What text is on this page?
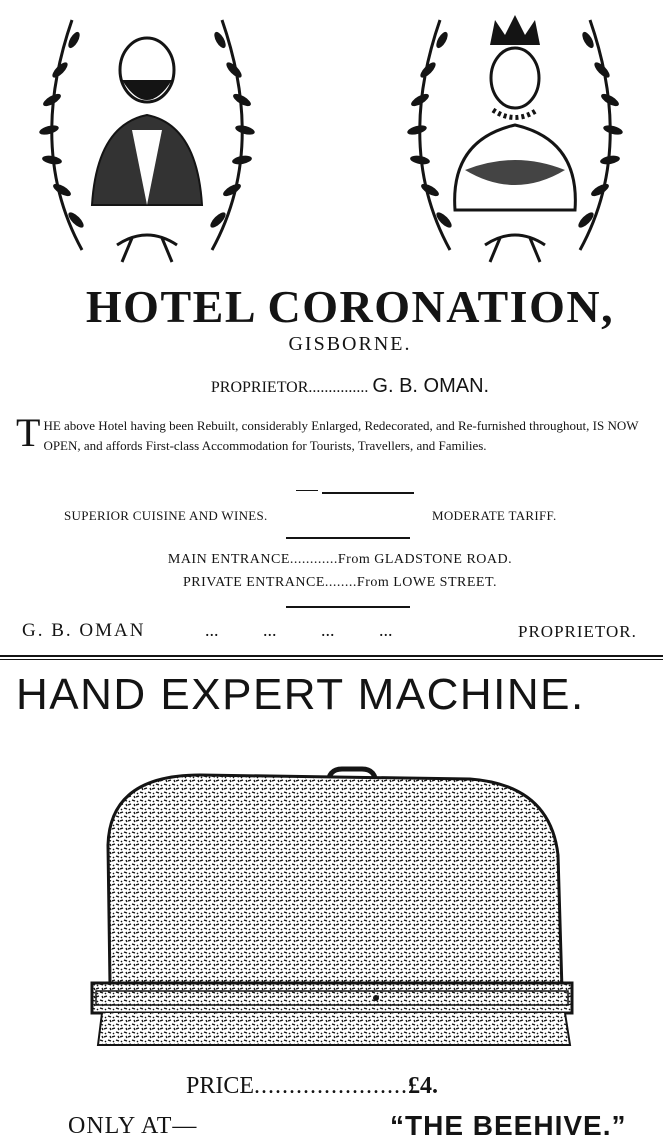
HOTEL CORONATION,
GISBORNE.
PROPRIETOR............... G. B. OMAN.
THE above Hotel having been Rebuilt, considerably Enlarged, Redecorated, and Re-furnished throughout, IS NOW OPEN, and affords First-class Accommodation for Tourists, Travellers, and Families.
SUPERIOR CUISINE AND WINES.	MODERATE TARIFF.
MAIN ENTRANCE............From GLADSTONE ROAD.
PRIVATE ENTRANCE........From LOWE STREET.
G. B. OMAN	... ... ... ...	PROPRIETOR.
HAND EXPERT MACHINE.
PRICE......................£4.
ONLY AT—	“THE BEEHIVE.”
